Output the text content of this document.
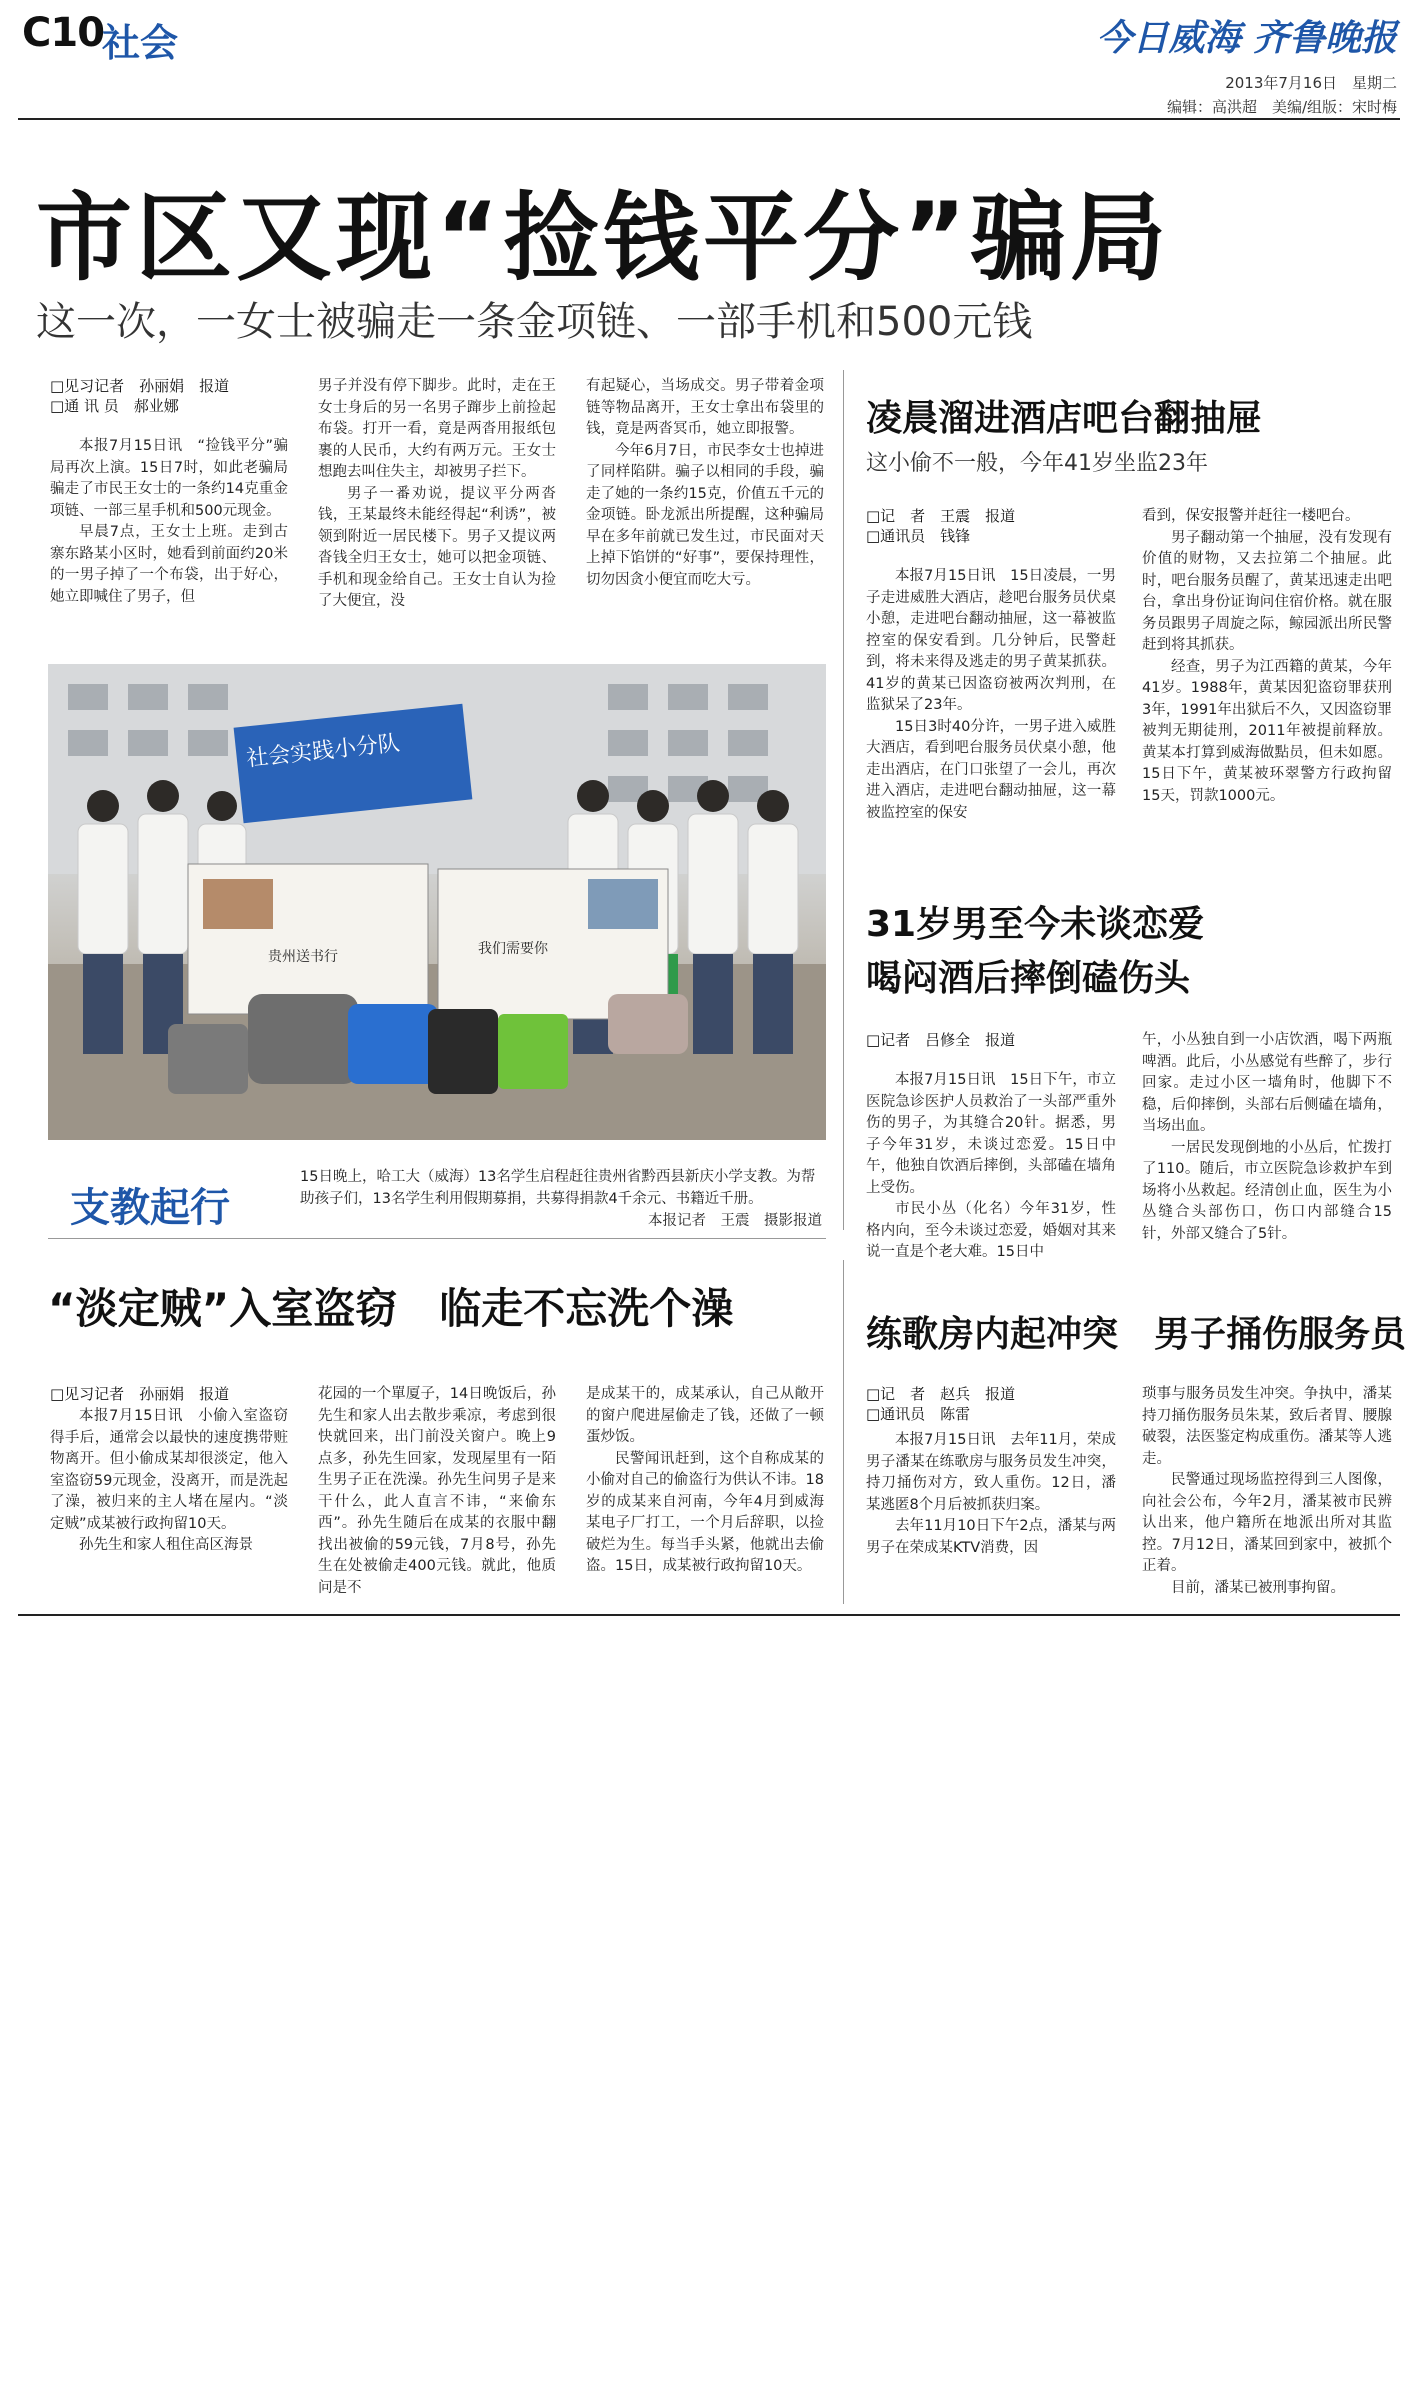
C10
社会	今日威海 齐鲁晚报
2013年7月16日　星期二
编辑：高洪超　美编/组版：宋时梅
市区又现“捡钱平分”骗局
这一次，一女士被骗走一条金项链、一部手机和500元钱
□见习记者　孙丽娟　报道
□通 讯 员　郝业娜

本报7月15日讯　“捡钱平分”骗局再次上演。15日7时，如此老骗局骗走了市民王女士的一条约14克重金项链、一部三星手机和500元现金。

早晨7点，王女士上班。走到古寨东路某小区时，她看到前面约20米的一男子掉了一个布袋，出于好心，她立即喊住了男子，但

男子并没有停下脚步。此时，走在王女士身后的另一名男子蹿步上前捡起布袋。打开一看，竟是两沓用报纸包裹的人民币，大约有两万元。王女士想跑去叫住失主，却被男子拦下。

男子一番劝说，提议平分两沓钱，王某最终未能经得起“利诱”，被领到附近一居民楼下。男子又提议两沓钱全归王女士，她可以把金项链、手机和现金给自己。王女士自认为捡了大便宜，没

有起疑心，当场成交。男子带着金项链等物品离开，王女士拿出布袋里的钱，竟是两沓冥币，她立即报警。

今年6月7日，市民李女士也掉进了同样陷阱。骗子以相同的手段，骗走了她的一条约15克，价值五千元的金项链。卧龙派出所提醒，这种骗局早在多年前就已发生过，市民面对天上掉下馅饼的“好事”，要保持理性，切勿因贪小便宜而吃大亏。

社会实践小分队
贵州送书行	我们需要你
支教起行
15日晚上，哈工大（威海）13名学生启程赶往贵州省黔西县新庆小学支教。为帮助孩子们，13名学生利用假期募捐，共募得捐款4千余元、书籍近千册。
本报记者　王震　摄影报道
凌晨溜进酒店吧台翻抽屉
这小偷不一般，今年41岁坐监23年
□记　者　王震　报道
□通讯员　钱锋

本报7月15日讯　15日凌晨，一男子走进威胜大酒店，趁吧台服务员伏桌小憩，走进吧台翻动抽屉，这一幕被监控室的保安看到。几分钟后，民警赶到，将未来得及逃走的男子黄某抓获。41岁的黄某已因盗窃被两次判刑，在监狱呆了23年。

15日3时40分许，一男子进入威胜大酒店，看到吧台服务员伏桌小憩，他走出酒店，在门口张望了一会儿，再次进入酒店，走进吧台翻动抽屉，这一幕被监控室的保安

看到，保安报警并赶往一楼吧台。

男子翻动第一个抽屉，没有发现有价值的财物，又去拉第二个抽屉。此时，吧台服务员醒了，黄某迅速走出吧台，拿出身份证询问住宿价格。就在服务员跟男子周旋之际，鲸园派出所民警赶到将其抓获。

经查，男子为江西籍的黄某，今年41岁。1988年，黄某因犯盗窃罪获刑3年，1991年出狱后不久，又因盗窃罪被判无期徒刑，2011年被提前释放。黄某本打算到威海做點员，但未如愿。15日下午，黄某被环翠警方行政拘留15天，罚款1000元。

31岁男至今未谈恋爱
喝闷酒后摔倒磕伤头
□记者　吕修全　报道

本报7月15日讯　15日下午，市立医院急诊医护人员救治了一头部严重外伤的男子，为其缝合20针。据悉，男子今年31岁，未谈过恋爱。15日中午，他独自饮酒后摔倒，头部磕在墙角上受伤。

市民小丛（化名）今年31岁，性格内向，至今未谈过恋爱，婚姻对其来说一直是个老大难。15日中

午，小丛独自到一小店饮酒，喝下两瓶啤酒。此后，小丛感觉有些醉了，步行回家。走过小区一墙角时，他脚下不稳，后仰摔倒，头部右后侧磕在墙角，当场出血。

一居民发现倒地的小丛后，忙拨打了110。随后，市立医院急诊救护车到场将小丛救起。经清创止血，医生为小丛缝合头部伤口，伤口内部缝合15针，外部又缝合了5针。

“淡定贼”入室盗窃　临走不忘洗个澡
□见习记者　孙丽娟　报道

本报7月15日讯　小偷入室盗窃得手后，通常会以最快的速度携带赃物离开。但小偷成某却很淡定，他入室盗窃59元现金，没离开，而是洗起了澡，被归来的主人堵在屋内。“淡定贼”成某被行政拘留10天。

孙先生和家人租住高区海景

花园的一个單厦子，14日晚饭后，孙先生和家人出去散步乘凉，考虑到很快就回来，出门前没关窗户。晚上9点多，孙先生回家，发现屋里有一陌生男子正在洗澡。孙先生问男子是来干什么，此人直言不讳，“来偷东西”。孙先生随后在成某的衣服中翻找出被偷的59元钱，7月8号，孙先生在处被偷走400元钱。就此，他质问是不

是成某干的，成某承认，自己从敞开的窗户爬进屋偷走了钱，还做了一顿蛋炒饭。

民警闻讯赶到，这个自称成某的小偷对自己的偷盗行为供认不讳。18岁的成某来自河南，今年4月到威海某电子厂打工，一个月后辞职，以捡破烂为生。每当手头紧，他就出去偷盗。15日，成某被行政拘留10天。

练歌房内起冲突　男子捅伤服务员
□记　者　赵兵　报道
□通讯员　陈雷

本报7月15日讯　去年11月，荣成男子潘某在练歌房与服务员发生冲突，持刀捅伤对方，致人重伤。12日，潘某逃匿8个月后被抓获归案。

去年11月10日下午2点，潘某与两男子在荣成某KTV消费，因

琐事与服务员发生冲突。争执中，潘某持刀捅伤服务员朱某，致后者胃、腰腺破裂，法医鉴定构成重伤。潘某等人逃走。

民警通过现场监控得到三人图像，向社会公布，今年2月，潘某被市民辨认出来，他户籍所在地派出所对其监控。7月12日，潘某回到家中，被抓个正着。

目前，潘某已被刑事拘留。
